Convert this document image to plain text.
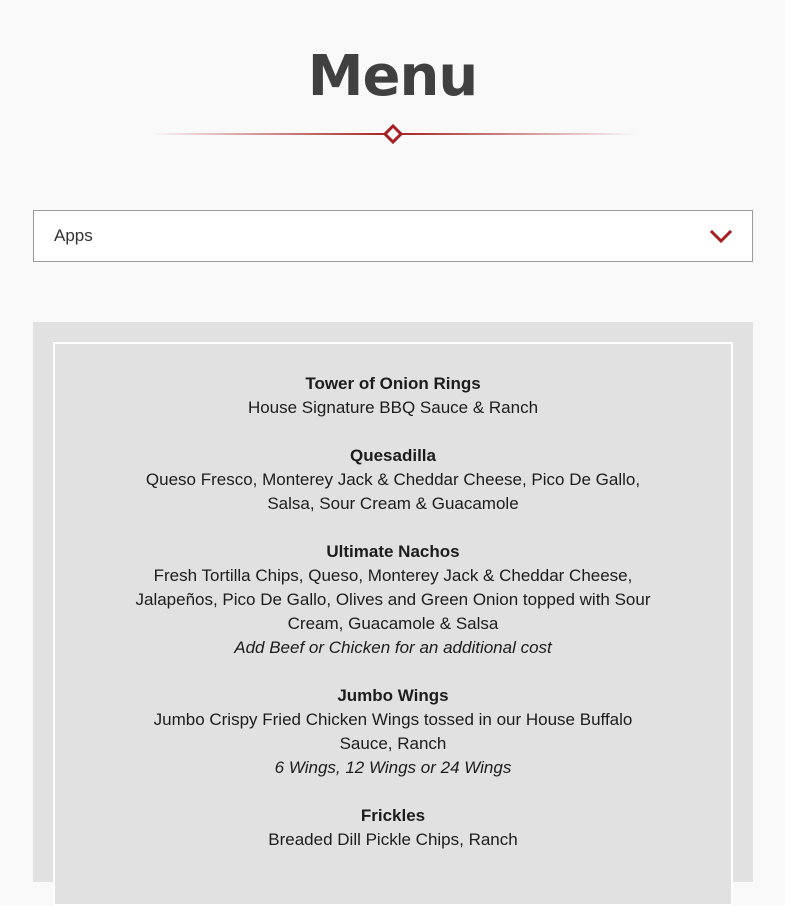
Menu
Apps
Tower of Onion Rings
House Signature BBQ Sauce & Ranch
Quesadilla
Queso Fresco, Monterey Jack & Cheddar Cheese, Pico De Gallo, Salsa, Sour Cream & Guacamole
Ultimate Nachos
Fresh Tortilla Chips, Queso, Monterey Jack & Cheddar Cheese, Jalapeños, Pico De Gallo, Olives and Green Onion topped with Sour Cream, Guacamole & Salsa
Add Beef or Chicken for an additional cost
Jumbo Wings
Jumbo Crispy Fried Chicken Wings tossed in our House Buffalo Sauce, Ranch
6 Wings, 12 Wings or 24 Wings
Frickles
Breaded Dill Pickle Chips, Ranch
